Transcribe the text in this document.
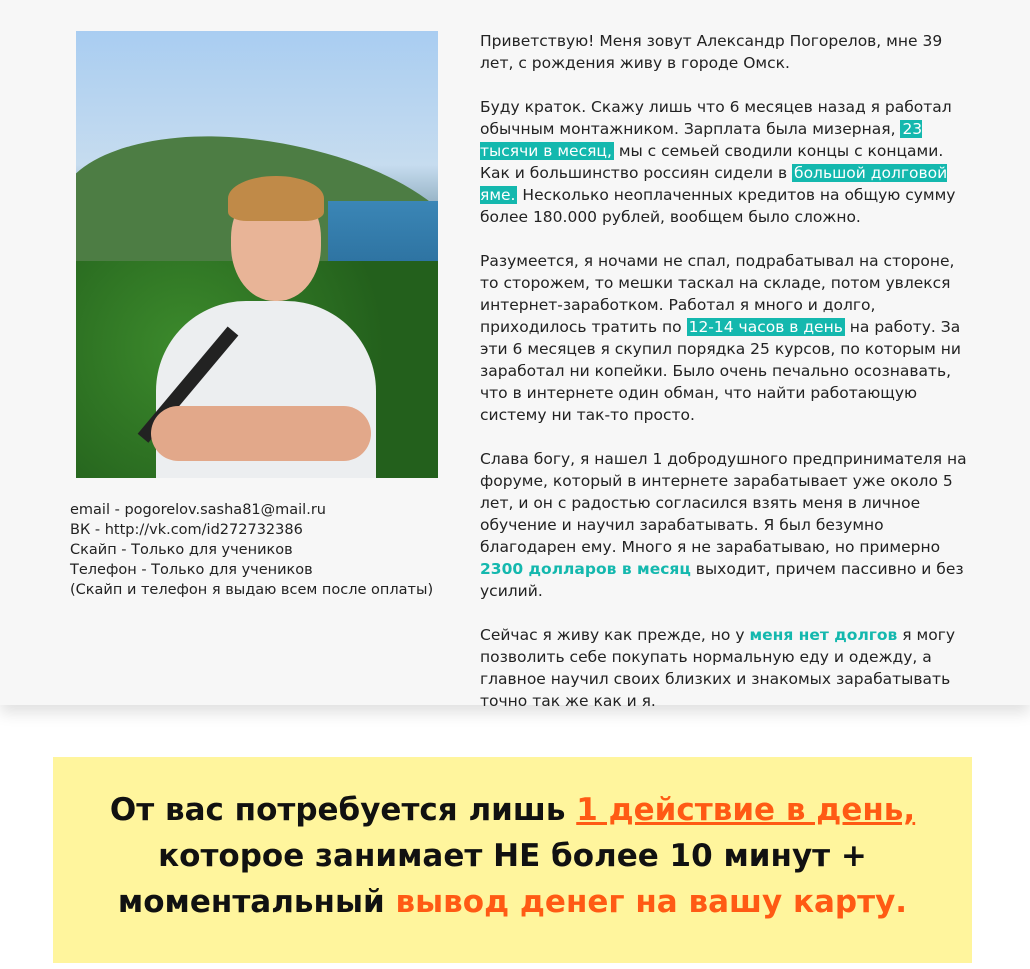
email - pogorelov.sasha81@mail.ru
ВК - http://vk.com/id272732386
Скайп - Только для учеников
Телефон - Только для учеников
(Скайп и телефон я выдаю всем после оплаты)

Приветствую! Меня зовут Александр Погорелов, мне 39 лет, с рождения живу в городе Омск.

Буду краток. Скажу лишь что 6 месяцев назад я работал обычным монтажником. Зарплата была мизерная, 23 тысячи в месяц, мы с семьей сводили концы с концами. Как и большинство россиян сидели в большой долговой яме. Несколько неоплаченных кредитов на общую сумму более 180.000 рублей, вообщем было сложно.

Разумеется, я ночами не спал, подрабатывал на стороне, то сторожем, то мешки таскал на складе, потом увлекся интернет-заработком. Работал я много и долго, приходилось тратить по 12-14 часов в день на работу. За эти 6 месяцев я скупил порядка 25 курсов, по которым ни заработал ни копейки. Было очень печально осознавать, что в интернете один обман, что найти работающую систему ни так-то просто.

Слава богу, я нашел 1 добродушного предпринимателя на форуме, который в интернете зарабатывает уже около 5 лет, и он с радостью согласился взять меня в личное обучение и научил зарабатывать. Я был безумно благодарен ему. Много я не зарабатываю, но примерно 2300 долларов в месяц выходит, причем пассивно и без усилий.

Сейчас я живу как прежде, но у меня нет долгов я могу позволить себе покупать нормальную еду и одежду, а главное научил своих близких и знакомых зарабатывать точно так же как и я.

От вас потребуется лишь 1 действие в день,
которое занимает НЕ более 10 минут + моментальный вывод денег на вашу карту.
